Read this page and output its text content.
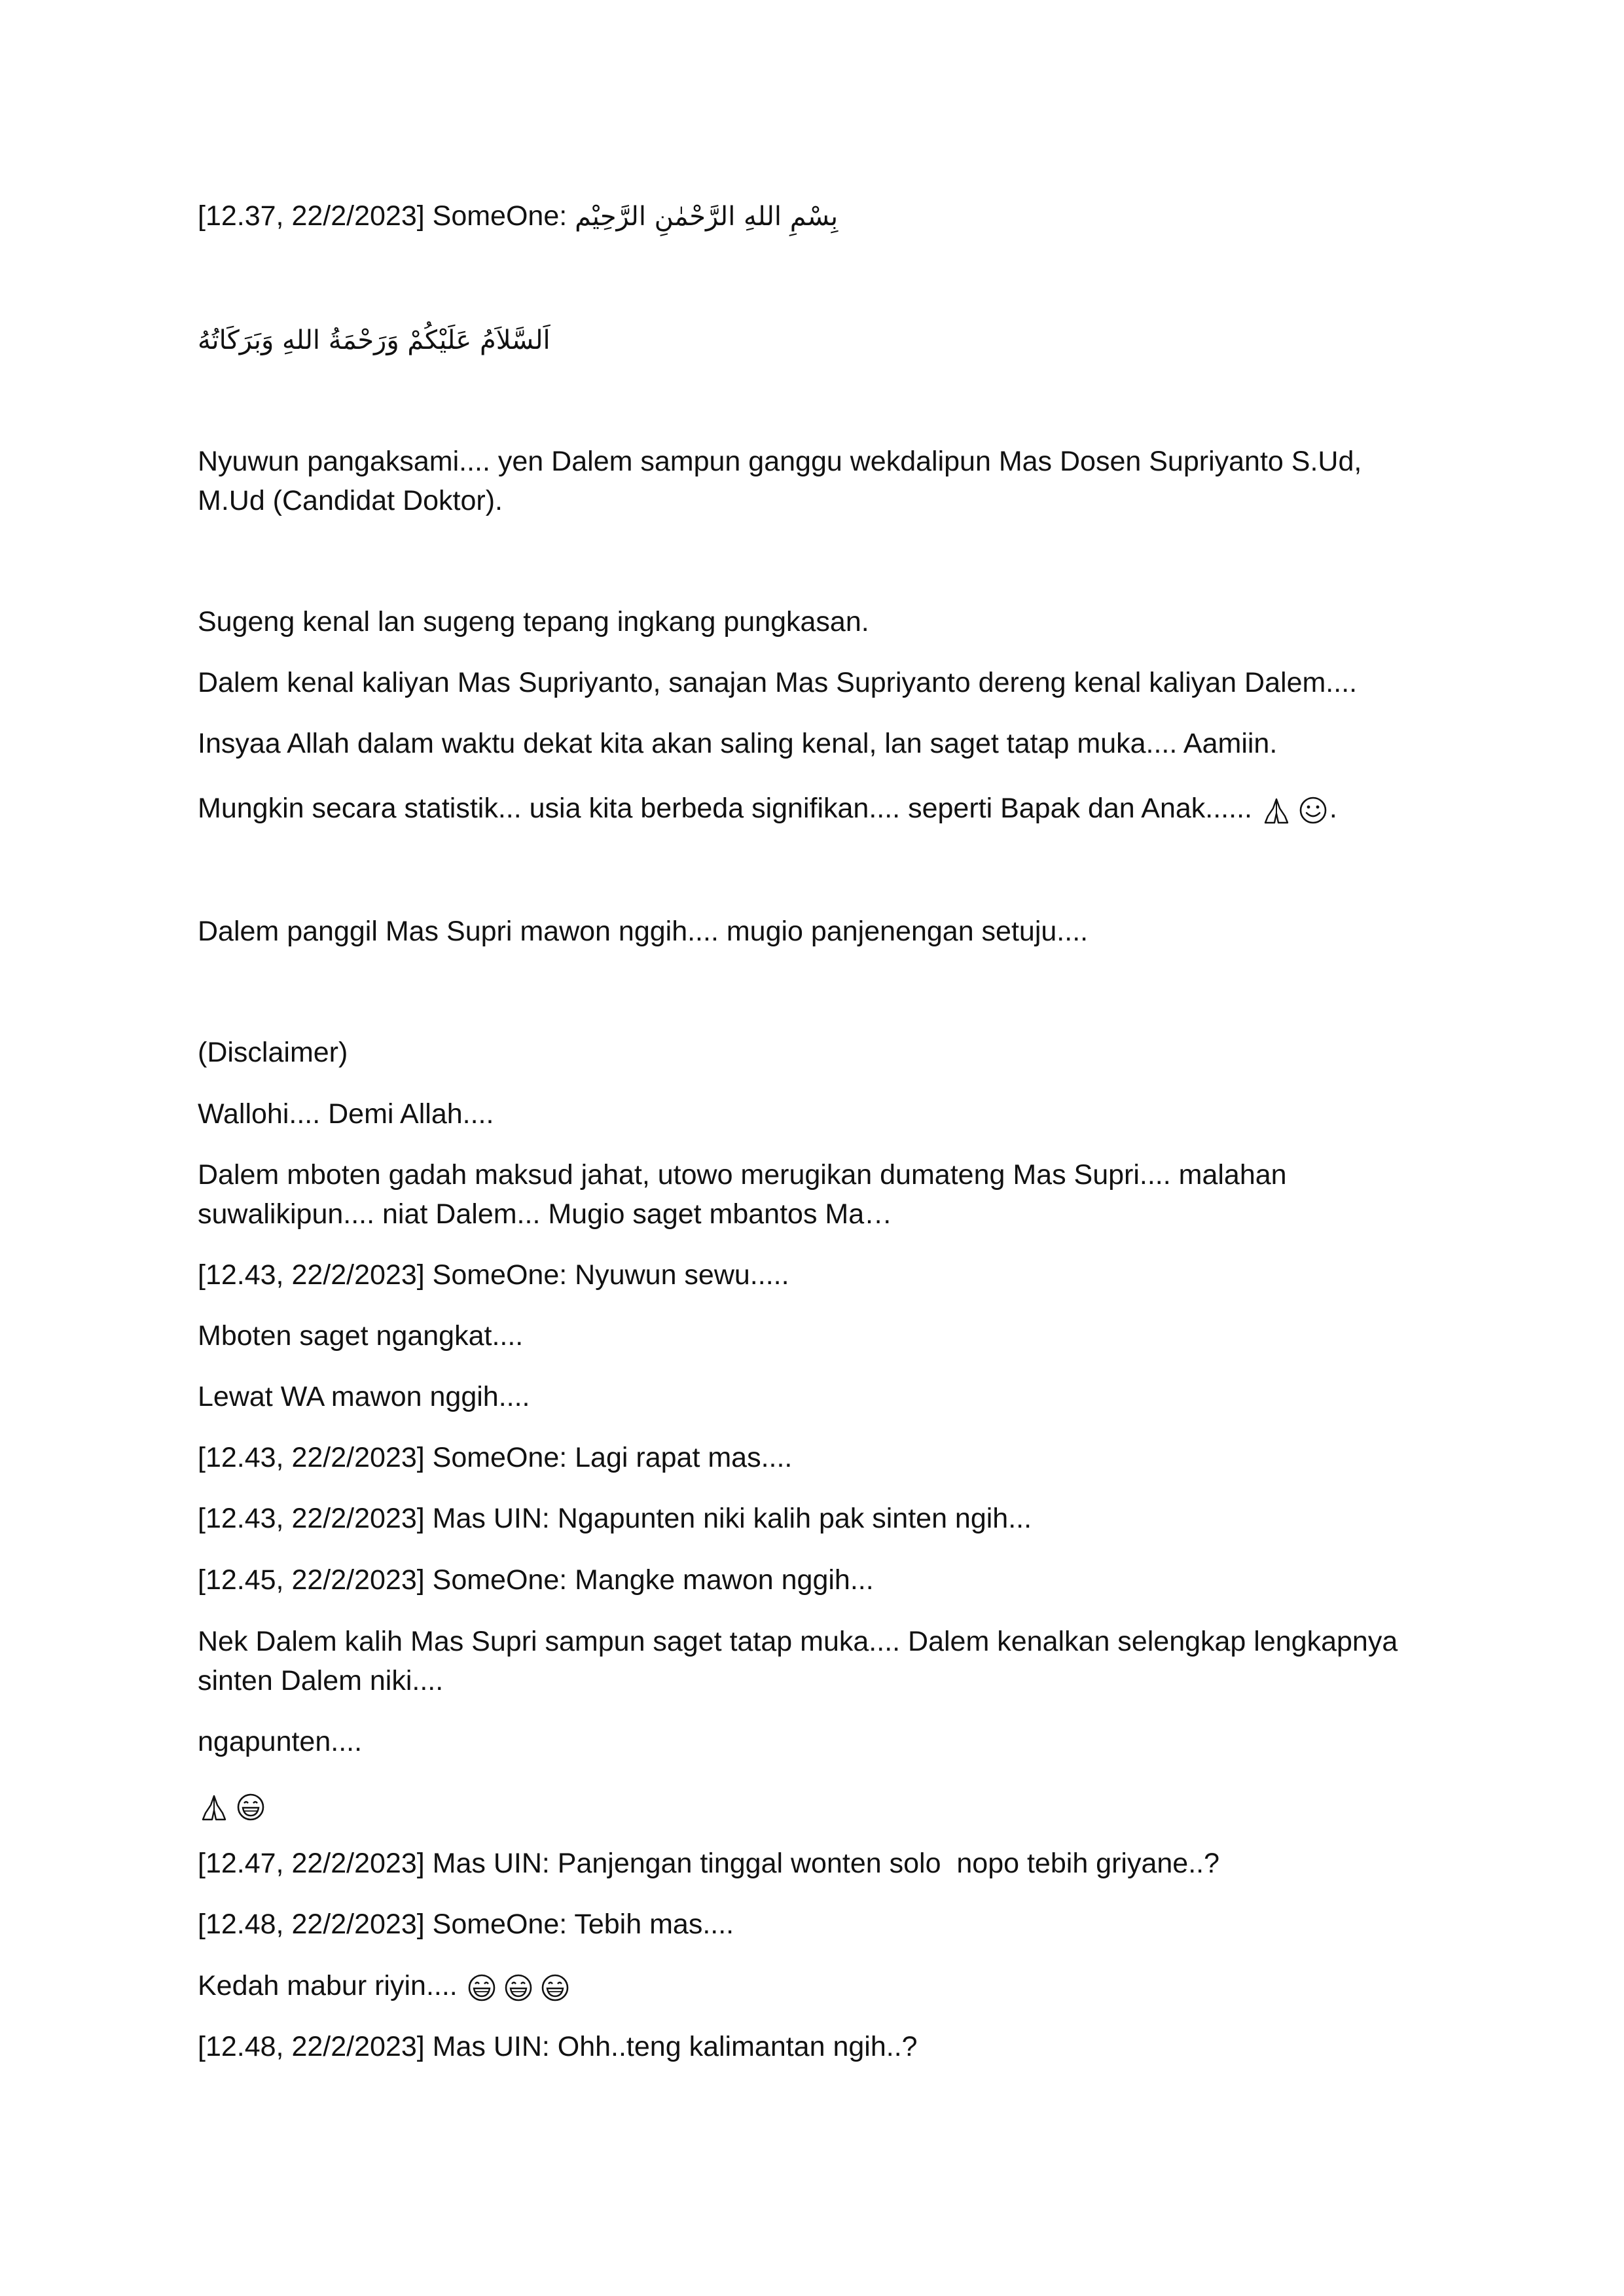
[12.37, 22/2/2023] SomeOne: بِسْمِ اللهِ الرَّحْمٰنِ الرَّحِيْم

اَلسَّلاَمُ عَلَيْكُمْ وَرَحْمَةُ اللهِ وَبَرَكَاتُهُ

Nyuwun pangaksami.... yen Dalem sampun ganggu wekdalipun Mas Dosen Supriyanto S.Ud, M.Ud (Candidat Doktor).

Sugeng kenal lan sugeng tepang ingkang pungkasan.

Dalem kenal kaliyan Mas Supriyanto, sanajan Mas Supriyanto dereng kenal kaliyan Dalem....

Insyaa Allah dalam waktu dekat kita akan saling kenal, lan saget tatap muka.... Aamiin.

Mungkin secara statistik... usia kita berbeda signifikan.... seperti Bapak dan Anak......	.

Dalem panggil Mas Supri mawon nggih.... mugio panjenengan setuju....

(Disclaimer)

Wallohi.... Demi Allah....

Dalem mboten gadah maksud jahat, utowo merugikan dumateng Mas Supri.... malahan suwalikipun.... niat Dalem... Mugio saget mbantos Ma…

[12.43, 22/2/2023] SomeOne: Nyuwun sewu.....

Mboten saget ngangkat....

Lewat WA mawon nggih....

[12.43, 22/2/2023] SomeOne: Lagi rapat mas....

[12.43, 22/2/2023] Mas UIN: Ngapunten niki kalih pak sinten ngih...

[12.45, 22/2/2023] SomeOne: Mangke mawon nggih...

Nek Dalem kalih Mas Supri sampun saget tatap muka.... Dalem kenalkan selengkap lengkapnya sinten Dalem niki....

ngapunten....

[12.47, 22/2/2023] Mas UIN: Panjengan tinggal wonten solo  nopo tebih griyane..?

[12.48, 22/2/2023] SomeOne: Tebih mas....

Kedah mabur riyin....

[12.48, 22/2/2023] Mas UIN: Ohh..teng kalimantan ngih..?
